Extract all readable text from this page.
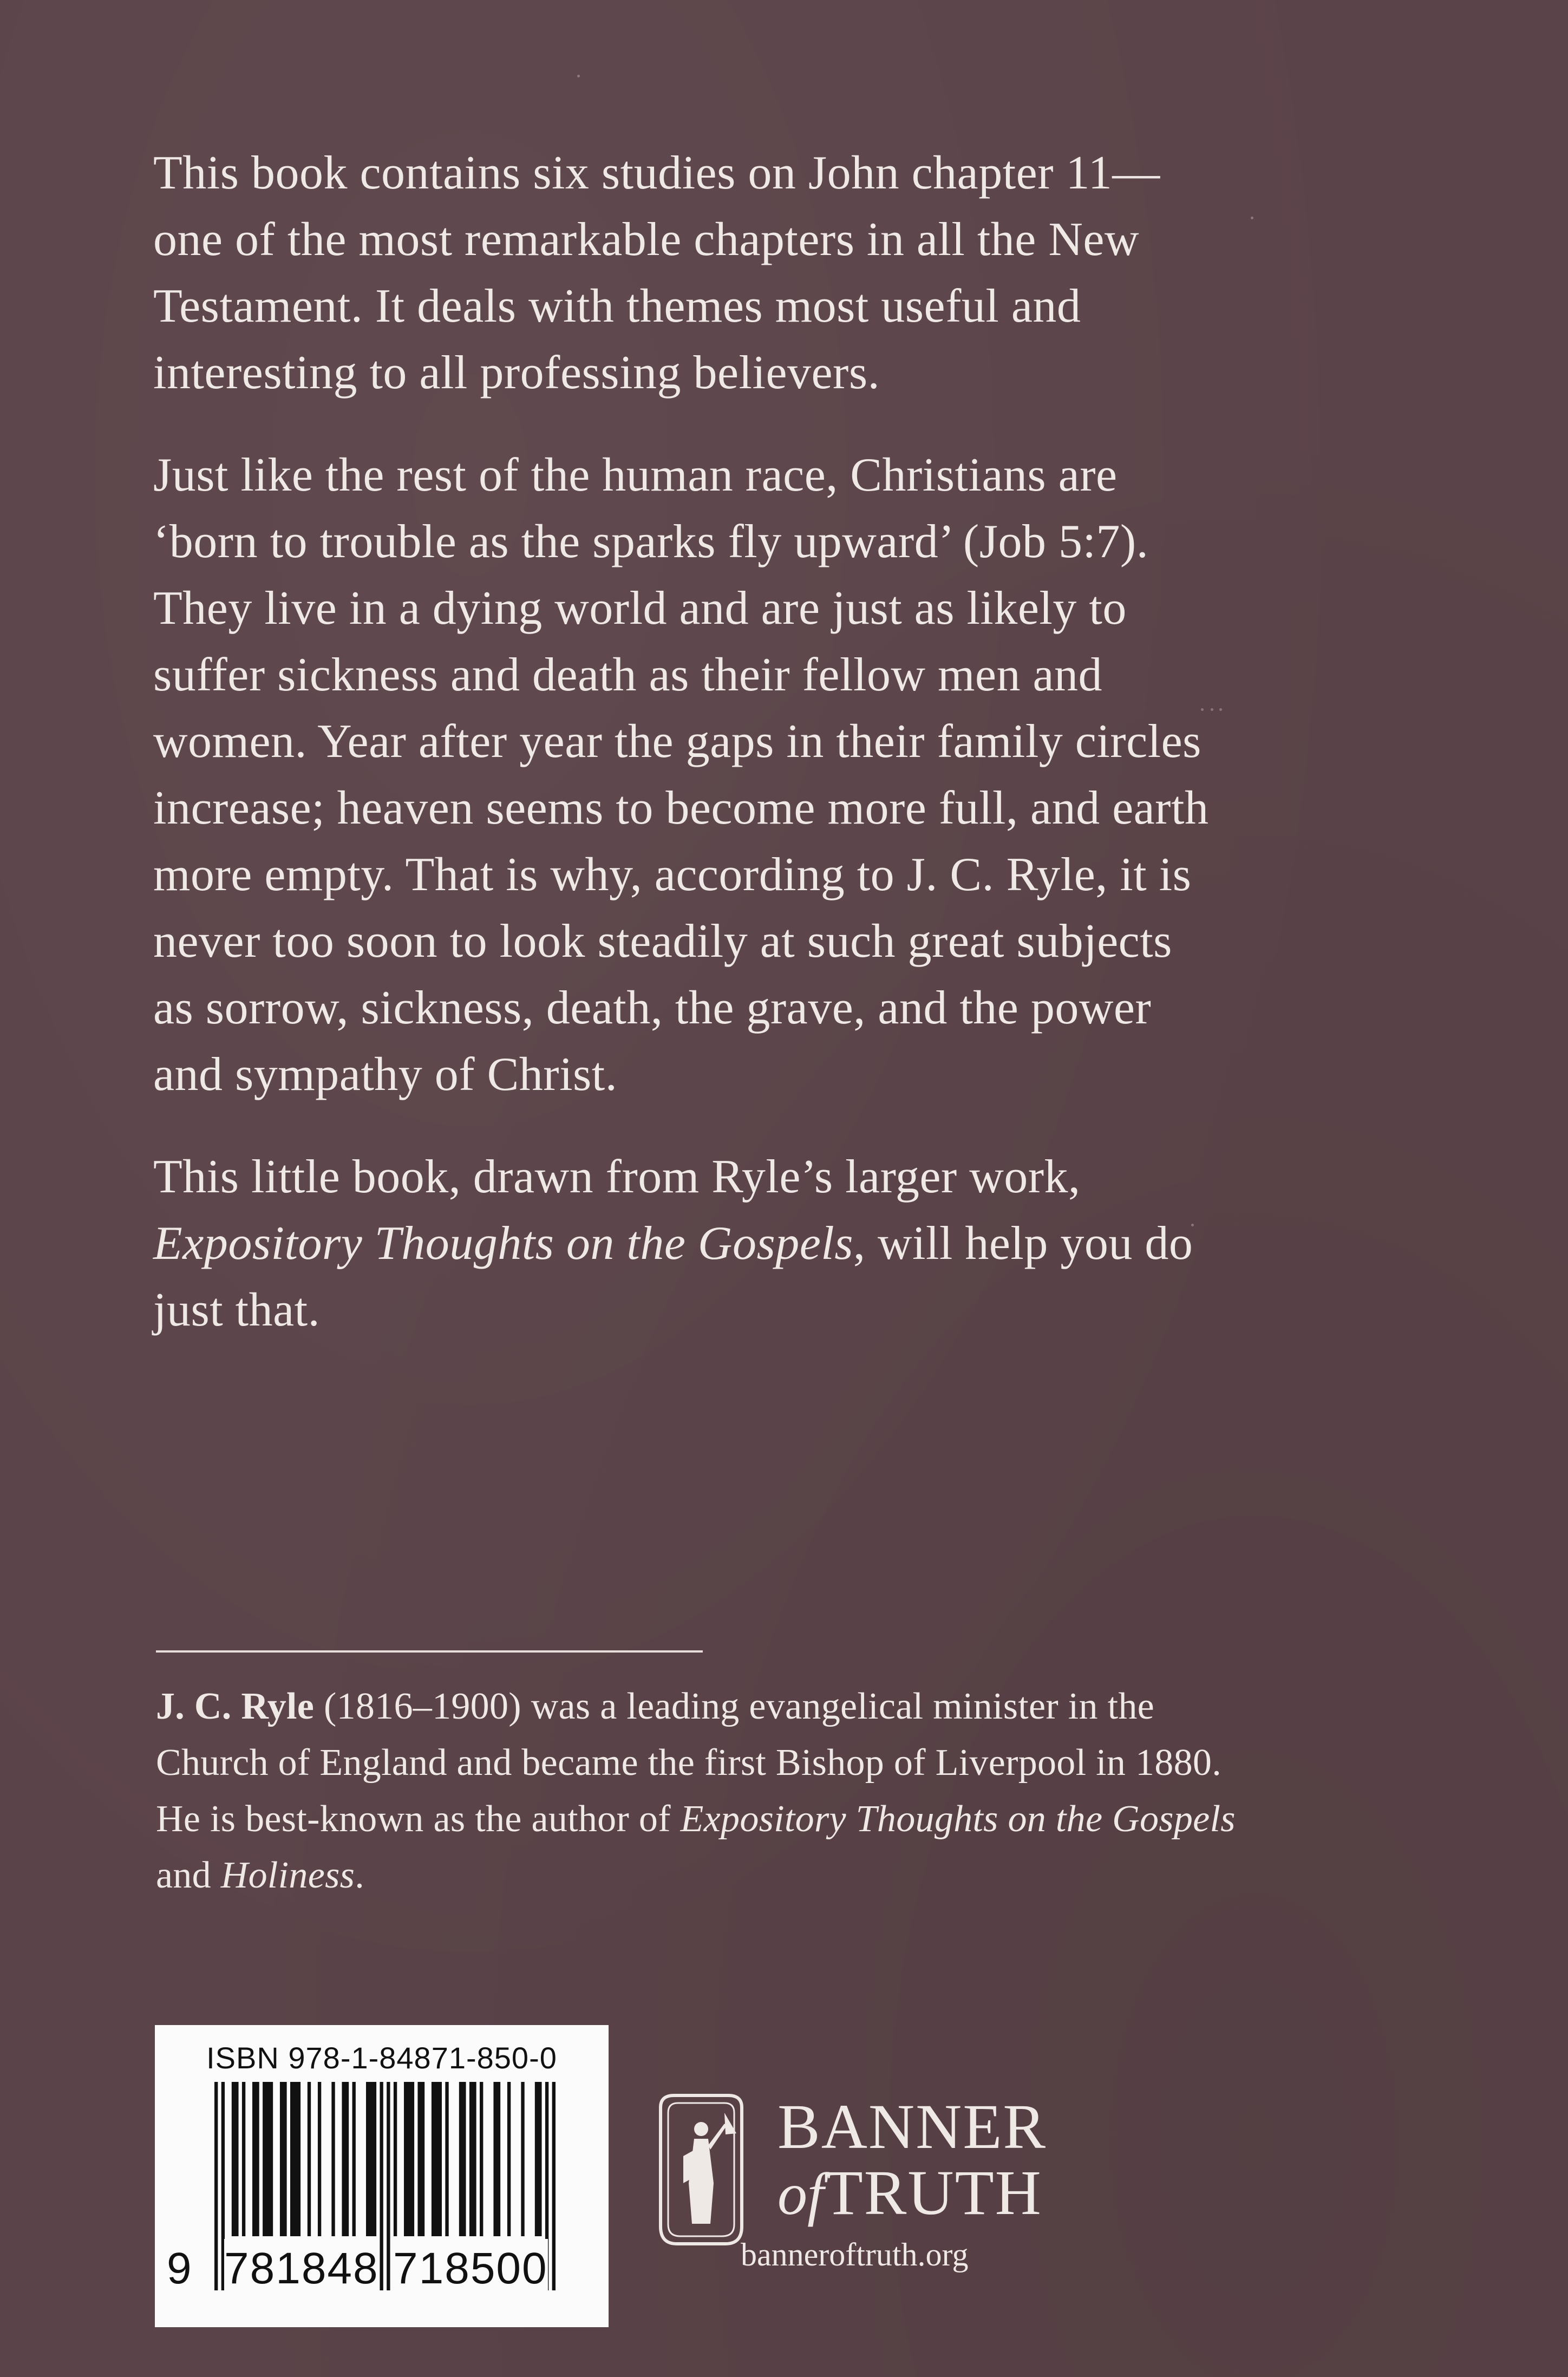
This book contains six studies on John chapter 11—one of the most remarkable chapters in all the New Testament. It deals with themes most useful and interesting to all professing believers.

Just like the rest of the human race, Christians are ‘born to trouble as the sparks fly upward’ (Job 5:7). They live in a dying world and are just as likely to suffer sickness and death as their fellow men and women. Year after year the gaps in their family circles increase; heaven seems to become more full, and earth more empty. That is why, according to J. C. Ryle, it is never too soon to look steadily at such great subjects as sorrow, sickness, death, the grave, and the power and sympathy of Christ.

This little book, drawn from Ryle’s larger work, Expository Thoughts on the Gospels, will help you do just that.

J. C. Ryle (1816–1900) was a leading evangelical minister in the Church of England and became the first Bishop of Liverpool in 1880. He is best-known as the author of Expository Thoughts on the Gospels and Holiness.

ISBN 978-1-84871-850-0
9 781848 718500
BANNER
ofTRUTH
banneroftruth.org
